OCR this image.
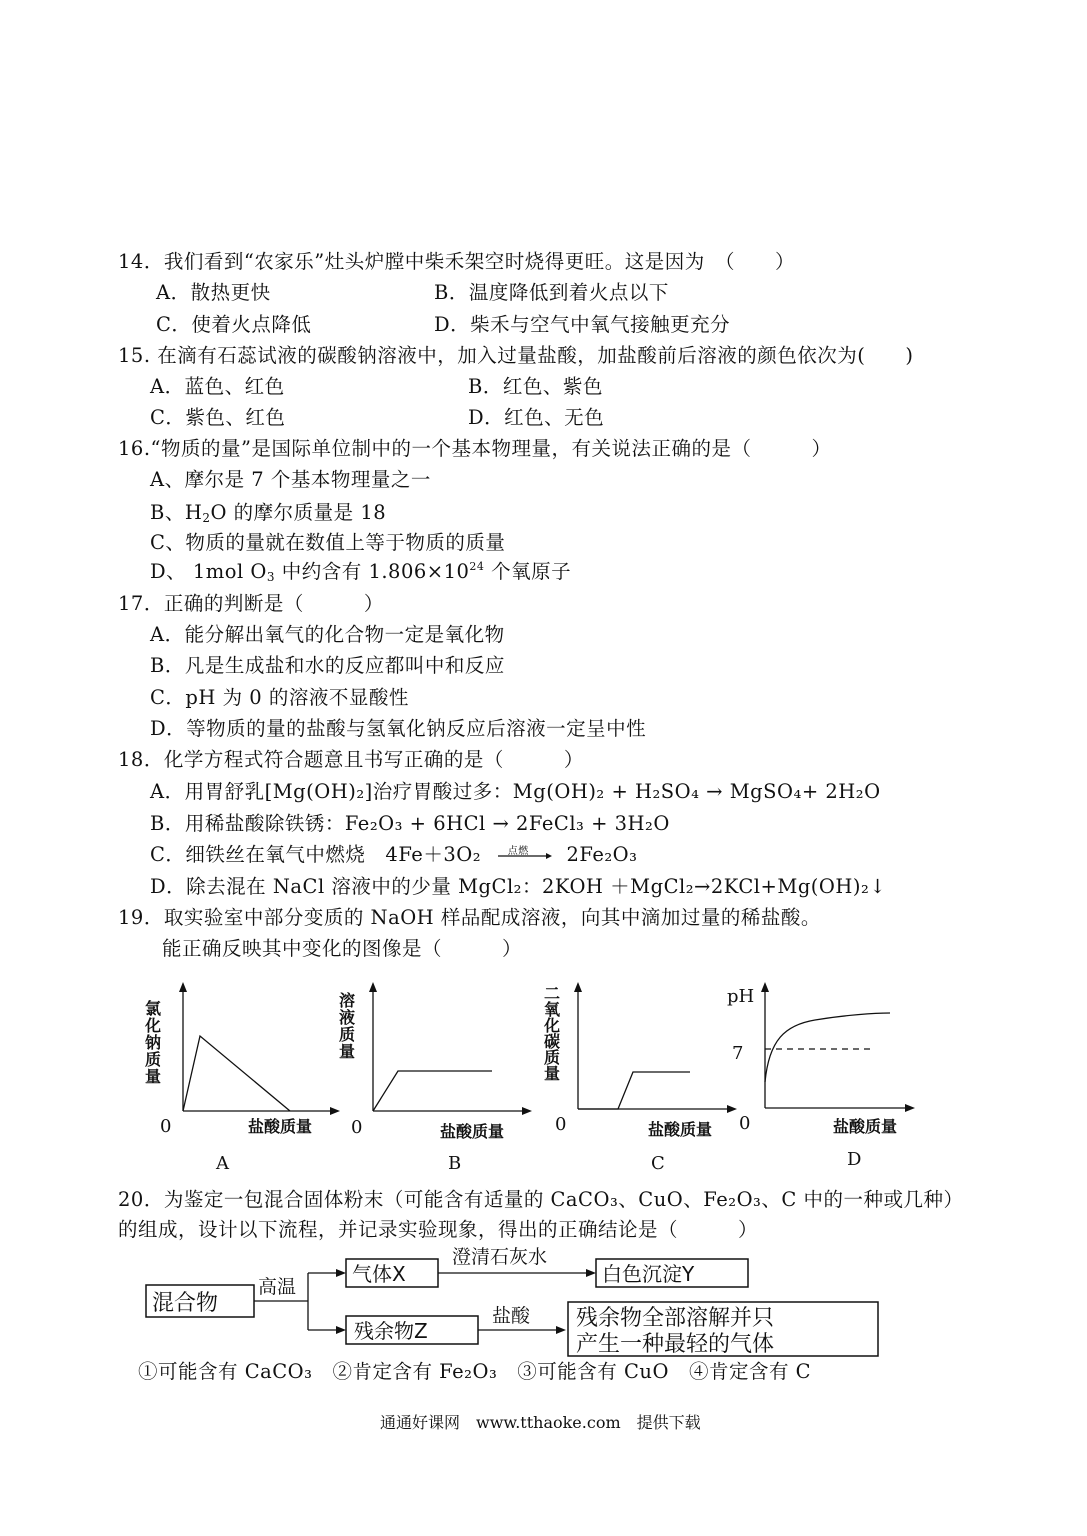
14．我们看到“农家乐”灶头炉膛中柴禾架空时烧得更旺。这是因为　（　　）
A．散热更快	B．温度降低到着火点以下
C．使着火点降低	D．柴禾与空气中氧气接触更充分
15. 在滴有石蕊试液的碳酸钠溶液中，加入过量盐酸，加盐酸前后溶液的颜色依次为(　　)
A．蓝色、红色	B．红色、紫色
C．紫色、红色	D．红色、无色
16.“物质的量”是国际单位制中的一个基本物理量，有关说法正确的是（　　　）
A、摩尔是 7 个基本物理量之一
B、$H_2O$ 的摩尔质量是 18
C、物质的量就在数值上等于物质的质量
D、 1mol $O_3$ 中约含有 $1.806\times 10^{24}$ 个氧原子
17．正确的判断是（　　　）
A．能分解出氧气的化合物一定是氧化物
B．凡是生成盐和水的反应都叫中和反应
C．pH 为 0 的溶液不显酸性
D．等物质的量的盐酸与氢氧化钠反应后溶液一定呈中性
18．化学方程式符合题意且书写正确的是（　　　）
A．用胃舒乳[Mg(OH)₂]治疗胃酸过多：Mg(OH)₂ + H₂SO₄ → MgSO₄+ 2H₂O
B．用稀盐酸除铁锈：Fe₂O₃ + 6HCl → 2FeCl₃ + 3H₂O
C．细铁丝在氧气中燃烧　4Fe＋3O₂	点燃 2Fe₂O₃
D．除去混在 NaCl 溶液中的少量 MgCl₂：2KOH ＋MgCl₂→2KCl+Mg(OH)₂↓
19．取实验室中部分变质的 NaOH 样品配成溶液，向其中滴加过量的稀盐酸。
能正确反映其中变化的图像是（　　　）
氯化钠质量
0	盐酸质量
A
溶液质量
0	盐酸质量
B
二氧化碳质量
0	盐酸质量
C
pH
7
0	盐酸质量
D
20．为鉴定一包混合固体粉末（可能含有适量的 CaCO₃、CuO、Fe₂O₃、C 中的一种或几种）
的组成，设计以下流程，并记录实验现象，得出的正确结论是（　　　）
混合物
高温
气体X
澄清石灰水
白色沉淀Y
残余物Z
盐酸 残余物全部溶解并只
产生一种最轻的气体
①可能含有 CaCO₃　②肯定含有 Fe₂O₃　③可能含有 CuO　④肯定含有 C
通通好课网　www.tthaoke.com　提供下载
